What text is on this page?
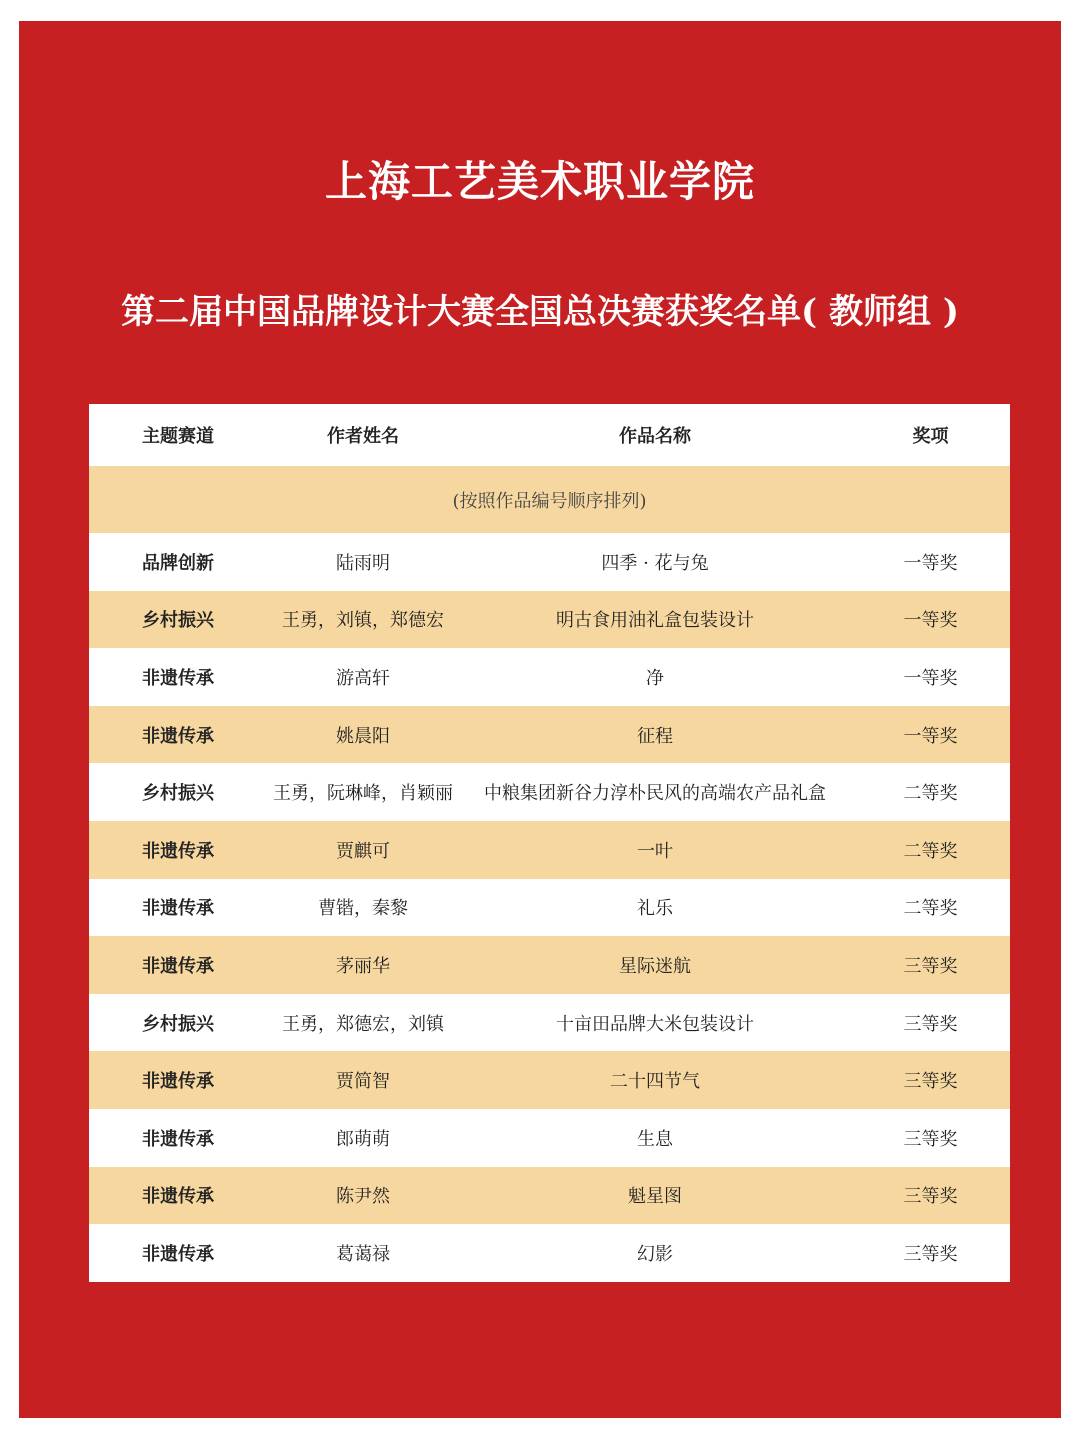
上海工艺美术职业学院
第二届中国品牌设计大赛全国总决赛获奖名单( 教师组 )
主题赛道	作者姓名	作品名称	奖项
(按照作品编号顺序排列)
品牌创新	陆雨明	四季 · 花与兔	一等奖
乡村振兴	王勇，刘镇，郑德宏	明古食用油礼盒包装设计	一等奖
非遗传承	游高轩	净	一等奖
非遗传承	姚晨阳	征程	一等奖
乡村振兴	王勇，阮琳峰，肖颖丽	中粮集团新谷力淳朴民风的高端农产品礼盒	二等奖
非遗传承	贾麒可	一叶	二等奖
非遗传承	曹锴，秦黎	礼乐	二等奖
非遗传承	茅丽华	星际迷航	三等奖
乡村振兴	王勇，郑德宏，刘镇	十亩田品牌大米包装设计	三等奖
非遗传承	贾简智	二十四节气	三等奖
非遗传承	郎萌萌	生息	三等奖
非遗传承	陈尹然	魁星图	三等奖
非遗传承	葛蔼禄	幻影	三等奖
